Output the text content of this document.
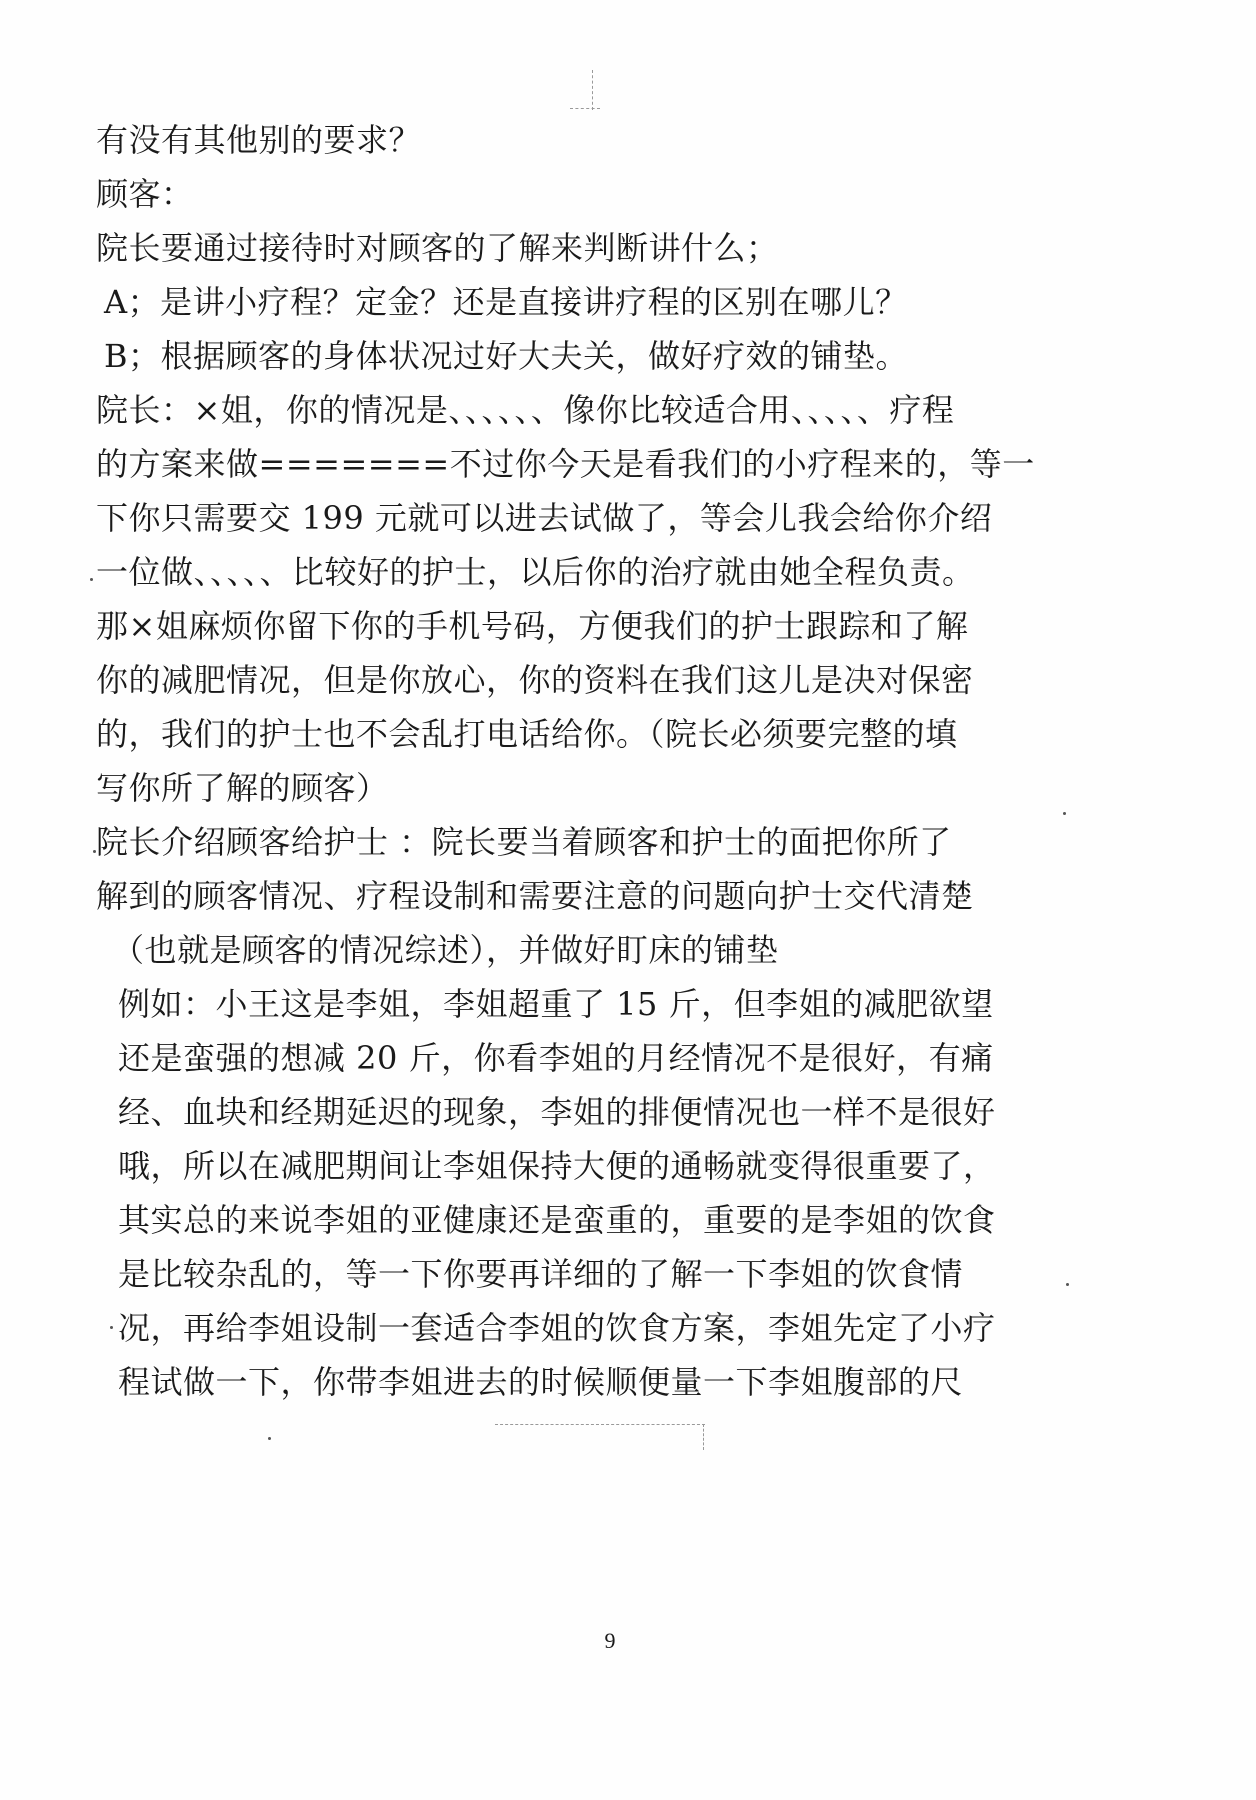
有没有其他别的要求？
顾客：
院长要通过接待时对顾客的了解来判断讲什么；
A；是讲小疗程？定金？还是直接讲疗程的区别在哪儿？
B；根据顾客的身体状况过好大夫关，做好疗效的铺垫。
院长：×姐，你的情况是、、、、、、像你比较适合用、、、、、疗程
的方案来做=======不过你今天是看我们的小疗程来的，等一
下你只需要交 199 元就可以进去试做了，等会儿我会给你介绍
一位做、、、、、比较好的护士，以后你的治疗就由她全程负责。
那×姐麻烦你留下你的手机号码，方便我们的护士跟踪和了解
你的减肥情况，但是你放心，你的资料在我们这儿是决对保密
的，我们的护士也不会乱打电话给你。（院长必须要完整的填
写你所了解的顾客）
院长介绍顾客给护士 ：院长要当着顾客和护士的面把你所了
解到的顾客情况、疗程设制和需要注意的问题向护士交代清楚
（也就是顾客的情况综述），并做好盯床的铺垫
例如：小王这是李姐，李姐超重了 15 斤，但李姐的减肥欲望
还是蛮强的想减 20 斤，你看李姐的月经情况不是很好，有痛
经、血块和经期延迟的现象，李姐的排便情况也一样不是很好
哦，所以在减肥期间让李姐保持大便的通畅就变得很重要了，
其实总的来说李姐的亚健康还是蛮重的，重要的是李姐的饮食
是比较杂乱的，等一下你要再详细的了解一下李姐的饮食情
况，再给李姐设制一套适合李姐的饮食方案，李姐先定了小疗
程试做一下，你带李姐进去的时候顺便量一下李姐腹部的尺
9
